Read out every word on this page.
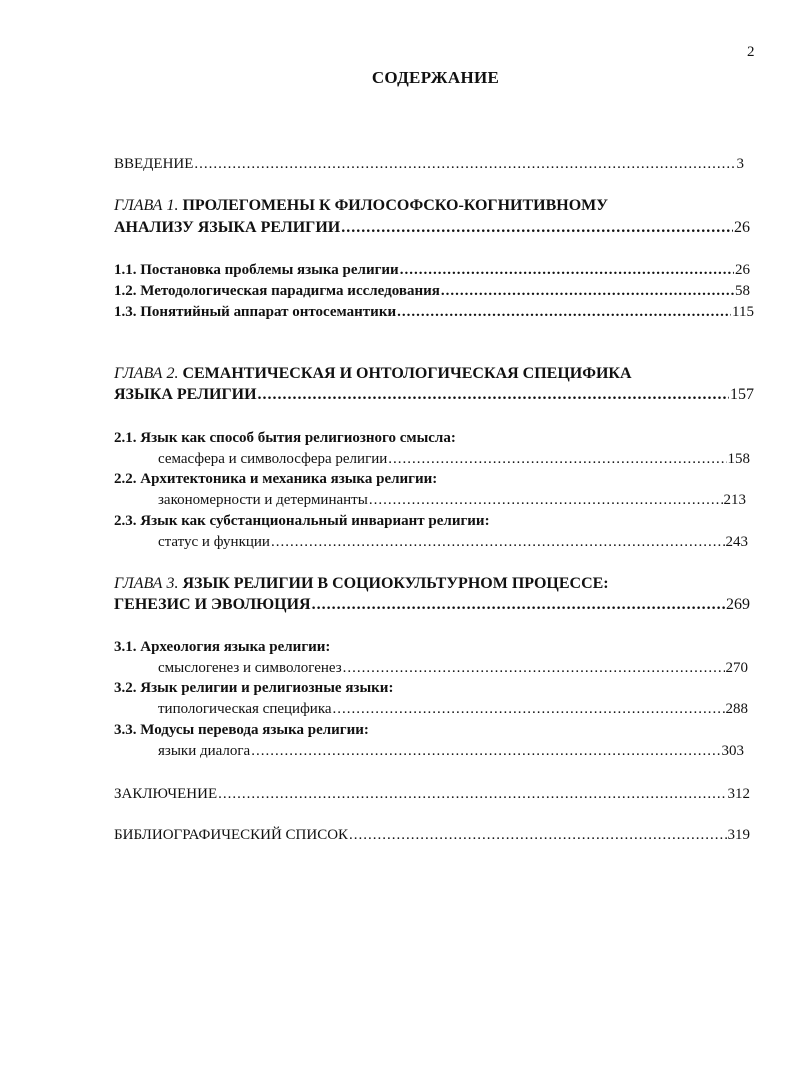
2
СОДЕРЖАНИЕ
ВВЕДЕНИЕ .....	3
ГЛАВА 1. ПРОЛЕГОМЕНЫ К ФИЛОСОФСКО-КОГНИТИВНОМУ
АНАЛИЗУ ЯЗЫКА РЕЛИГИИ .....	26
1.1. Постановка проблемы языка религии .....	26
1.2. Методологическая парадигма исследования .....	58
1.3. Понятийный аппарат онтосемантики .....	115
ГЛАВА 2. СЕМАНТИЧЕСКАЯ И ОНТОЛОГИЧЕСКАЯ СПЕЦИФИКА
ЯЗЫКА РЕЛИГИИ .....	157
2.1. Язык как способ бытия религиозного смысла:
семасфера и символосфера религии .....	158
2.2. Архитектоника и механика языка религии:
закономерности и детерминанты .....	213
2.3. Язык как субстанциональный инвариант религии:
статус и функции .....	243
ГЛАВА 3. ЯЗЫК РЕЛИГИИ В СОЦИОКУЛЬТУРНОМ ПРОЦЕССЕ:
ГЕНЕЗИС И ЭВОЛЮЦИЯ .....	269
3.1. Археология языка религии:
смыслогенез и символогенез .....	270
3.2. Язык религии и религиозные языки:
типологическая специфика .....	288
3.3. Модусы перевода языка религии:
языки диалога .....	303
ЗАКЛЮЧЕНИЕ .....	312
БИБЛИОГРАФИЧЕСКИЙ СПИСОК .....	319
